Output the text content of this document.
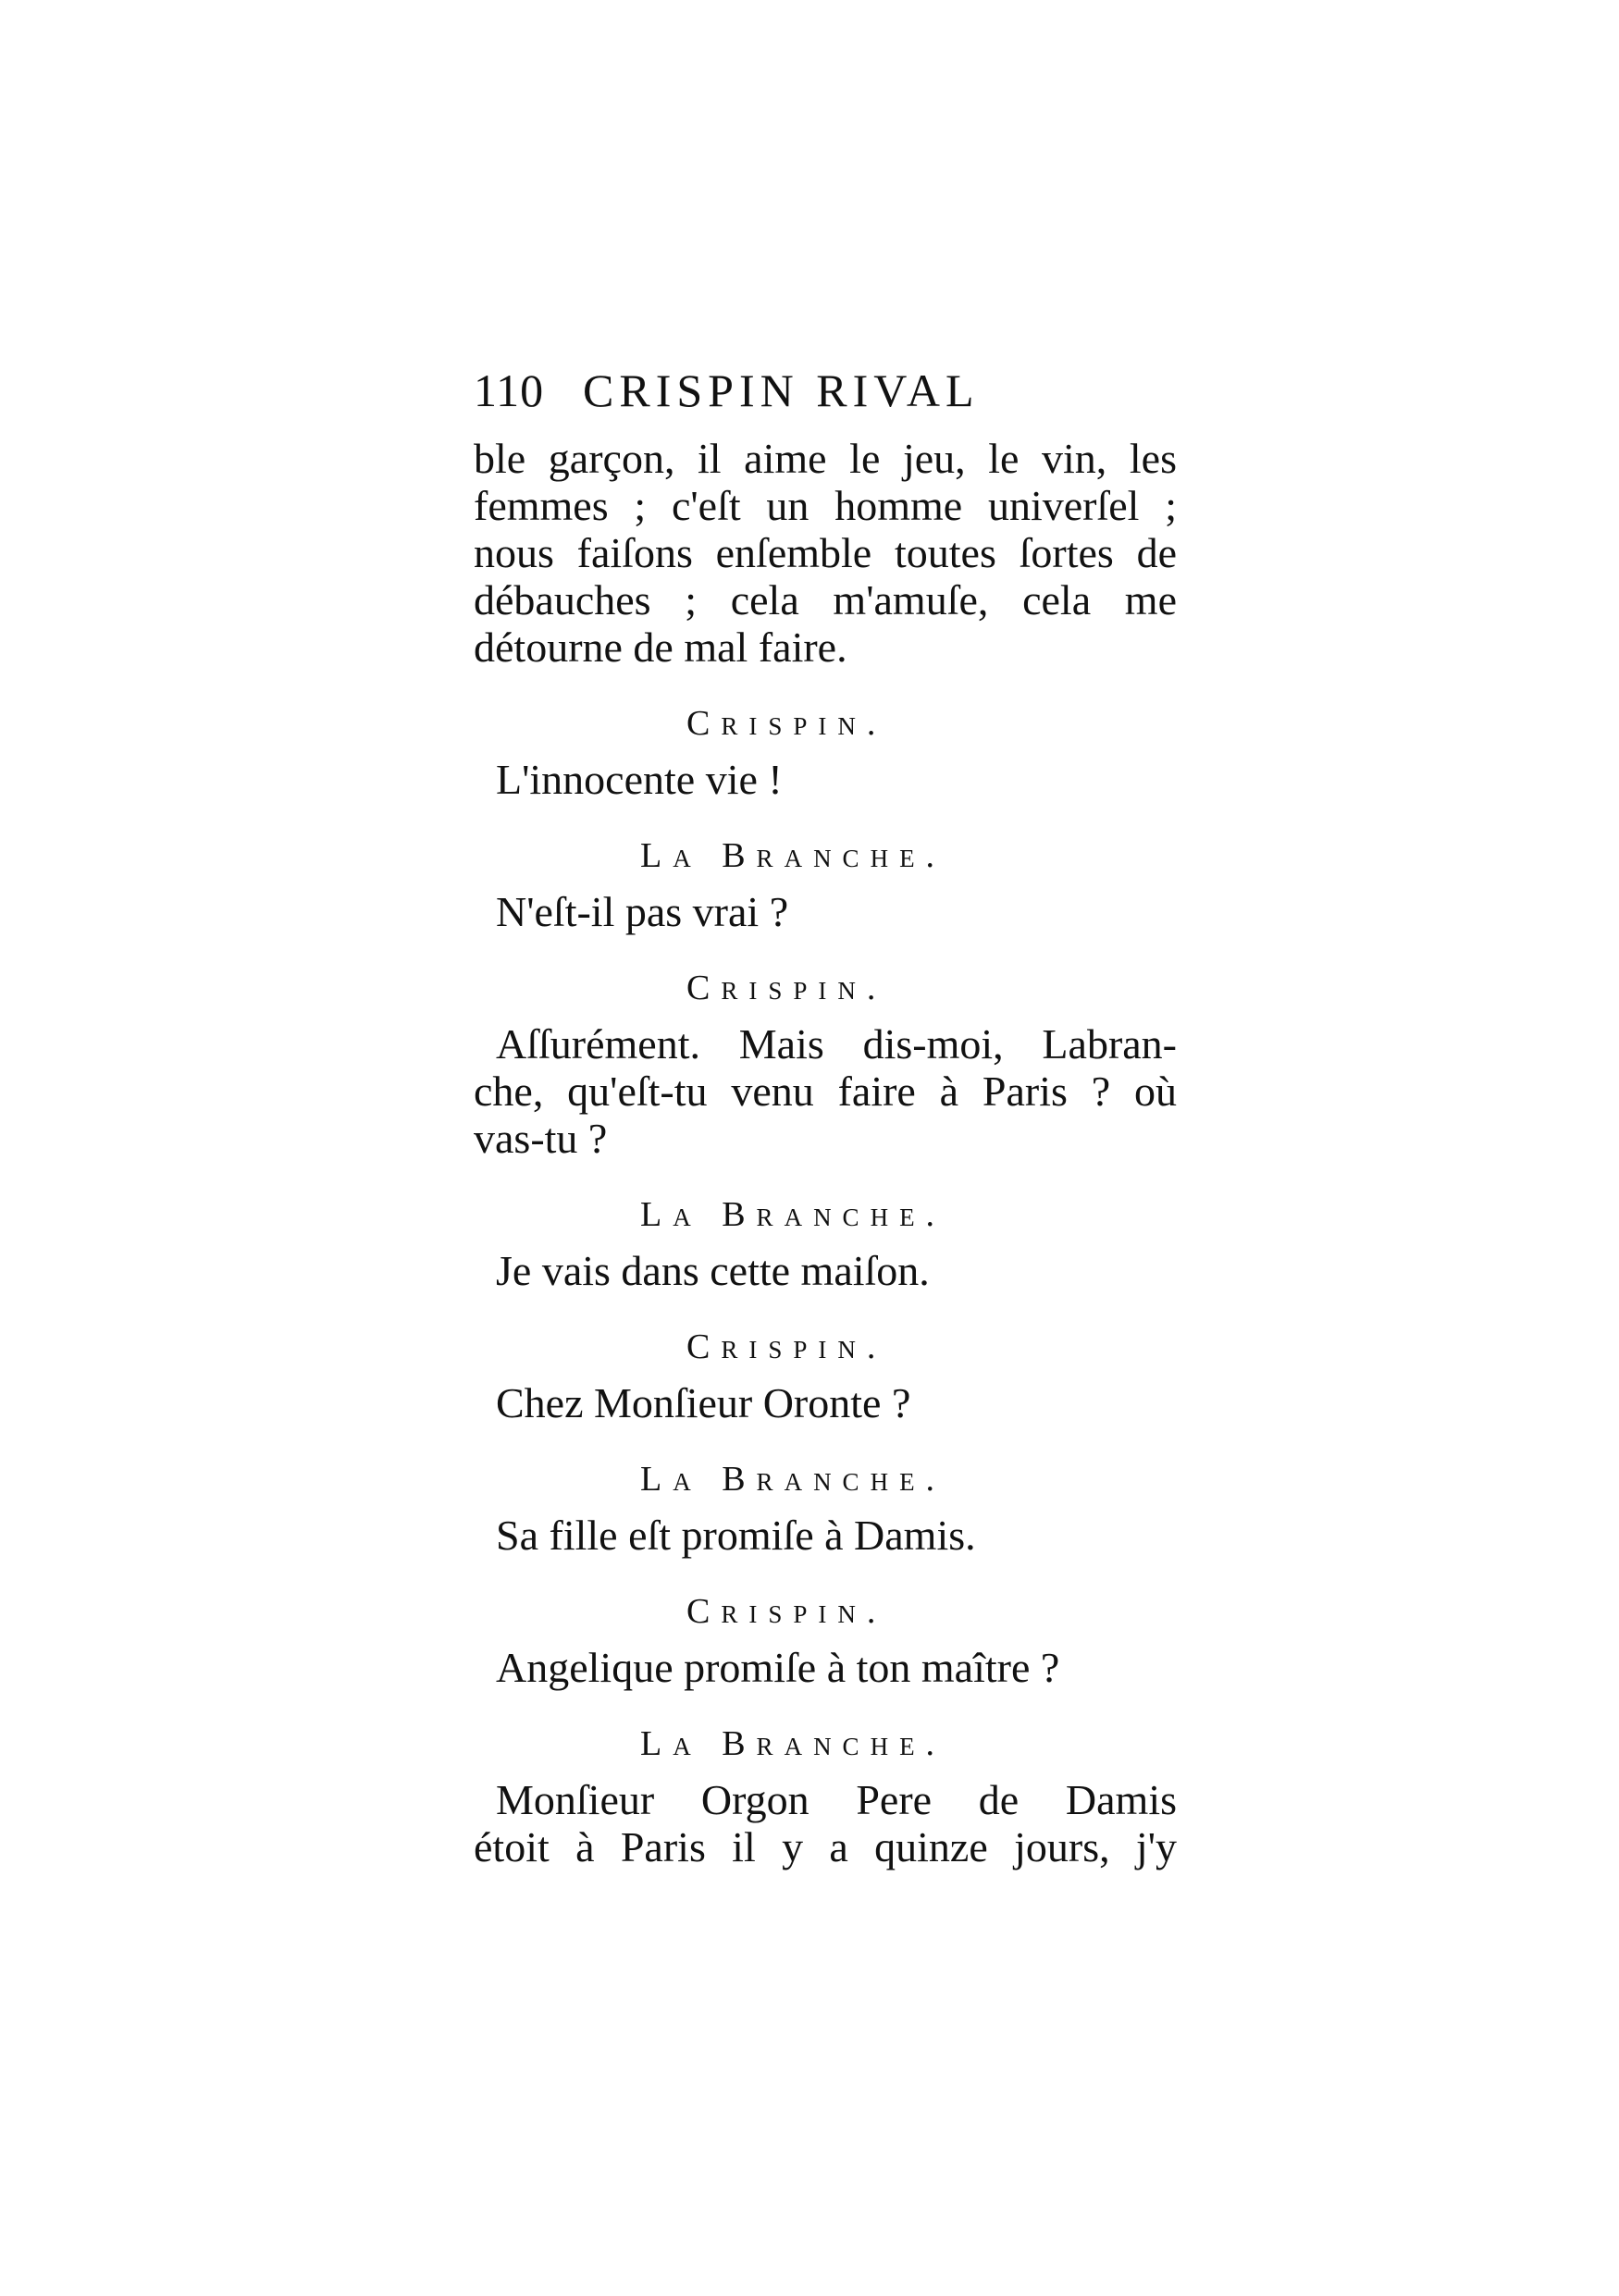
110 CRISPIN RIVAL
ble garçon, il aime le jeu, le vin, les
femmes ; c'eſt un homme univerſel ;
nous faiſons enſemble toutes ſortes de
débauches ; cela m'amuſe, cela me
détourne de mal faire.
Crispin.
L'innocente vie !
La Branche.
N'eſt-il pas vrai ?
Crispin.
Aſſurément. Mais dis-moi, Labran-
che, qu'eſt-tu venu faire à Paris ? où
vas-tu ?
La Branche.
Je vais dans cette maiſon.
Crispin.
Chez Monſieur Oronte ?
La Branche.
Sa fille eſt promiſe à Damis.
Crispin.
Angelique promiſe à ton maître ?
La Branche.
Monſieur Orgon Pere de Damis
étoit à Paris il y a quinze jours, j'y
